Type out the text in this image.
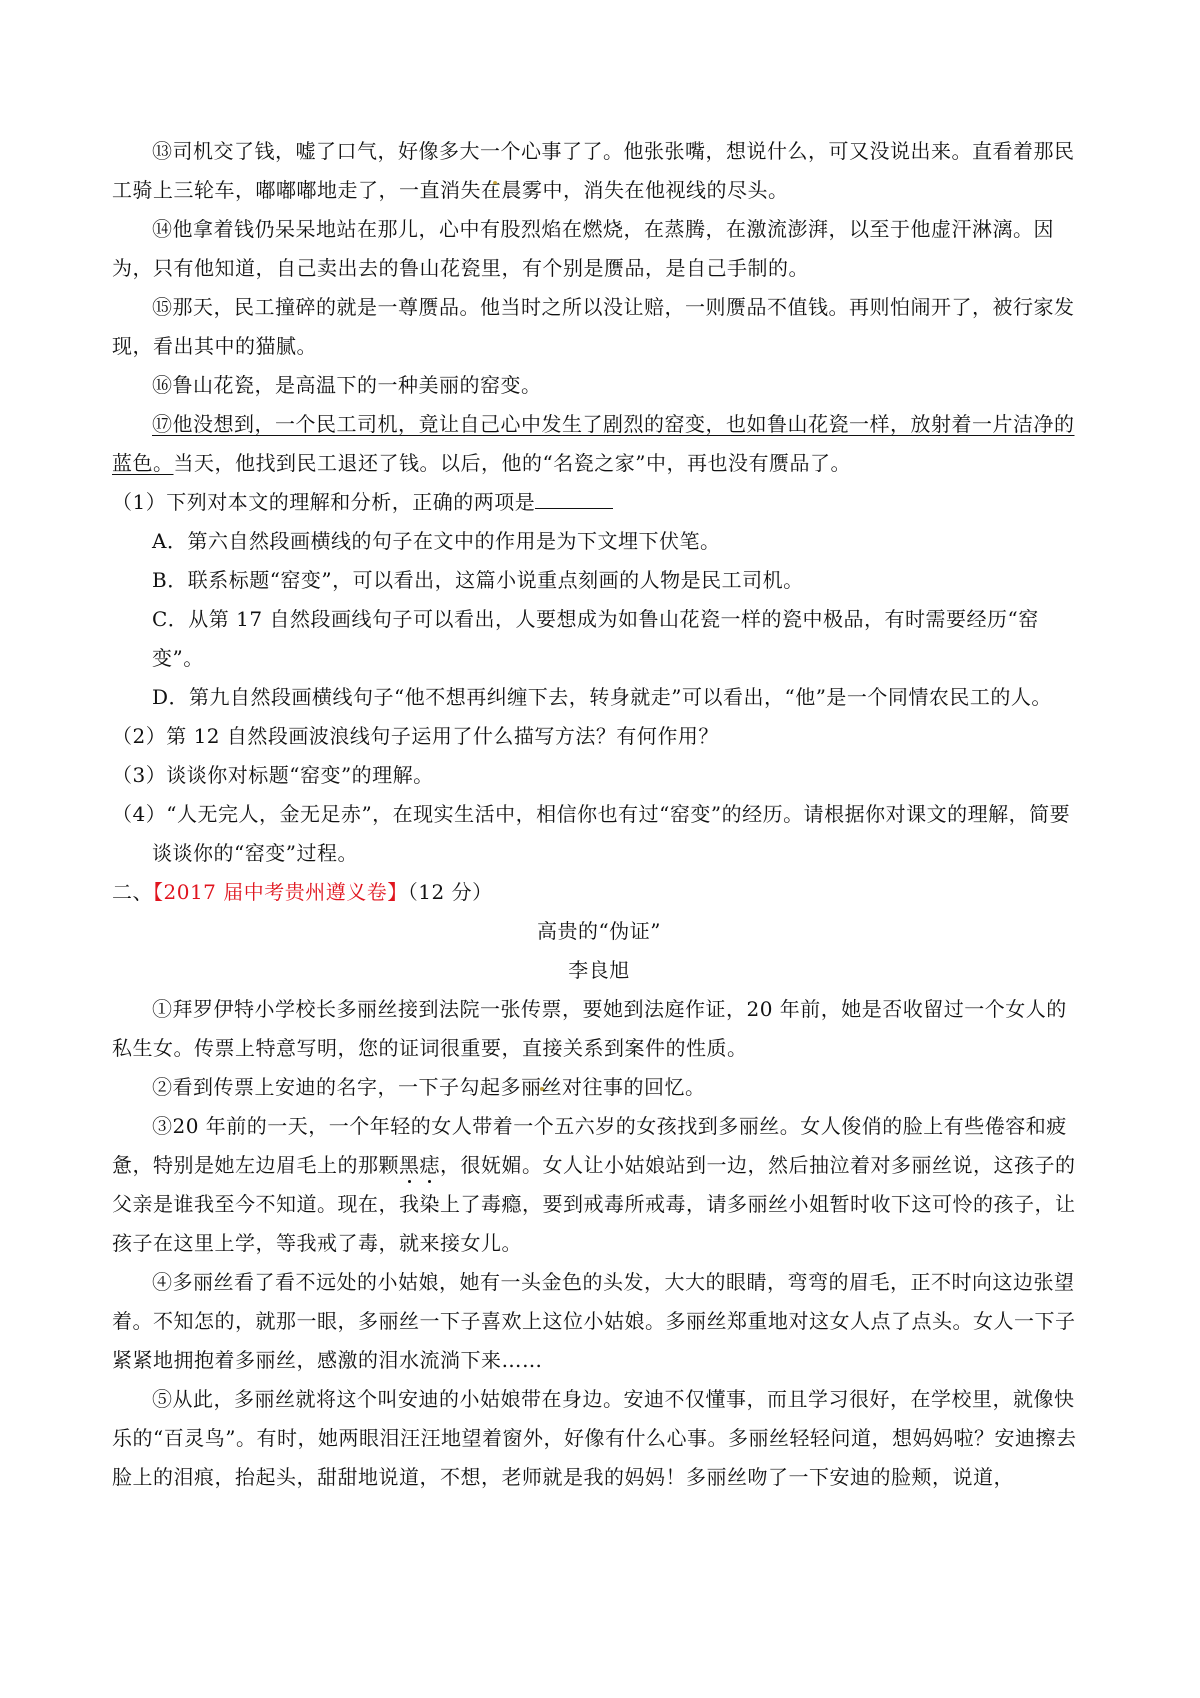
⑬司机交了钱，嘘了口气，好像多大一个心事了了。他张张嘴，想说什么，可又没说出来。直看着那民工骑上三轮车，嘟嘟嘟地走了，一直消失在晨雾中，消失在他视线的尽头。

⑭他拿着钱仍呆呆地站在那儿，心中有股烈焰在燃烧，在蒸腾，在激流澎湃，以至于他虚汗淋漓。因为，只有他知道，自己卖出去的鲁山花瓷里，有个别是赝品，是自己手制的。

⑮那天，民工撞碎的就是一尊赝品。他当时之所以没让赔，一则赝品不值钱。再则怕闹开了，被行家发现，看出其中的猫腻。

⑯鲁山花瓷，是高温下的一种美丽的窑变。

⑰他没想到，一个民工司机，竟让自己心中发生了剧烈的窑变，也如鲁山花瓷一样，放射着一片洁净的蓝色。当天，他找到民工退还了钱。以后，他的“名瓷之家”中，再也没有赝品了。

（1）下列对本文的理解和分析，正确的两项是

A．第六自然段画横线的句子在文中的作用是为下文埋下伏笔。

B．联系标题“窑变”，可以看出，这篇小说重点刻画的人物是民工司机。

C．从第 17 自然段画线句子可以看出，人要想成为如鲁山花瓷一样的瓷中极品，有时需要经历“窑变”。

D．第九自然段画横线句子“他不想再纠缠下去，转身就走”可以看出，“他”是一个同情农民工的人。

（2）第 12 自然段画波浪线句子运用了什么描写方法？有何作用？

（3）谈谈你对标题“窑变”的理解。

（4）“人无完人，金无足赤”，在现实生活中，相信你也有过“窑变”的经历。请根据你对课文的理解，简要谈谈你的“窑变”过程。

二、【2017 届中考贵州遵义卷】（12 分）

高贵的“伪证”

李良旭

①拜罗伊特小学校长多丽丝接到法院一张传票，要她到法庭作证，20 年前，她是否收留过一个女人的私生女。传票上特意写明，您的证词很重要，直接关系到案件的性质。

②看到传票上安迪的名字，一下子勾起多丽丝对往事的回忆。

③20 年前的一天，一个年轻的女人带着一个五六岁的女孩找到多丽丝。女人俊俏的脸上有些倦容和疲惫，特别是她左边眉毛上的那颗黑痣，很妩媚。女人让小姑娘站到一边，然后抽泣着对多丽丝说，这孩子的父亲是谁我至今不知道。现在，我染上了毒瘾，要到戒毒所戒毒，请多丽丝小姐暂时收下这可怜的孩子，让孩子在这里上学，等我戒了毒，就来接女儿。

④多丽丝看了看不远处的小姑娘，她有一头金色的头发，大大的眼睛，弯弯的眉毛，正不时向这边张望着。不知怎的，就那一眼，多丽丝一下子喜欢上这位小姑娘。多丽丝郑重地对这女人点了点头。女人一下子紧紧地拥抱着多丽丝，感激的泪水流淌下来……

⑤从此，多丽丝就将这个叫安迪的小姑娘带在身边。安迪不仅懂事，而且学习很好，在学校里，就像快乐的“百灵鸟”。有时，她两眼泪汪汪地望着窗外，好像有什么心事。多丽丝轻轻问道，想妈妈啦？安迪擦去脸上的泪痕，抬起头，甜甜地说道，不想，老师就是我的妈妈！多丽丝吻了一下安迪的脸颊，说道，
